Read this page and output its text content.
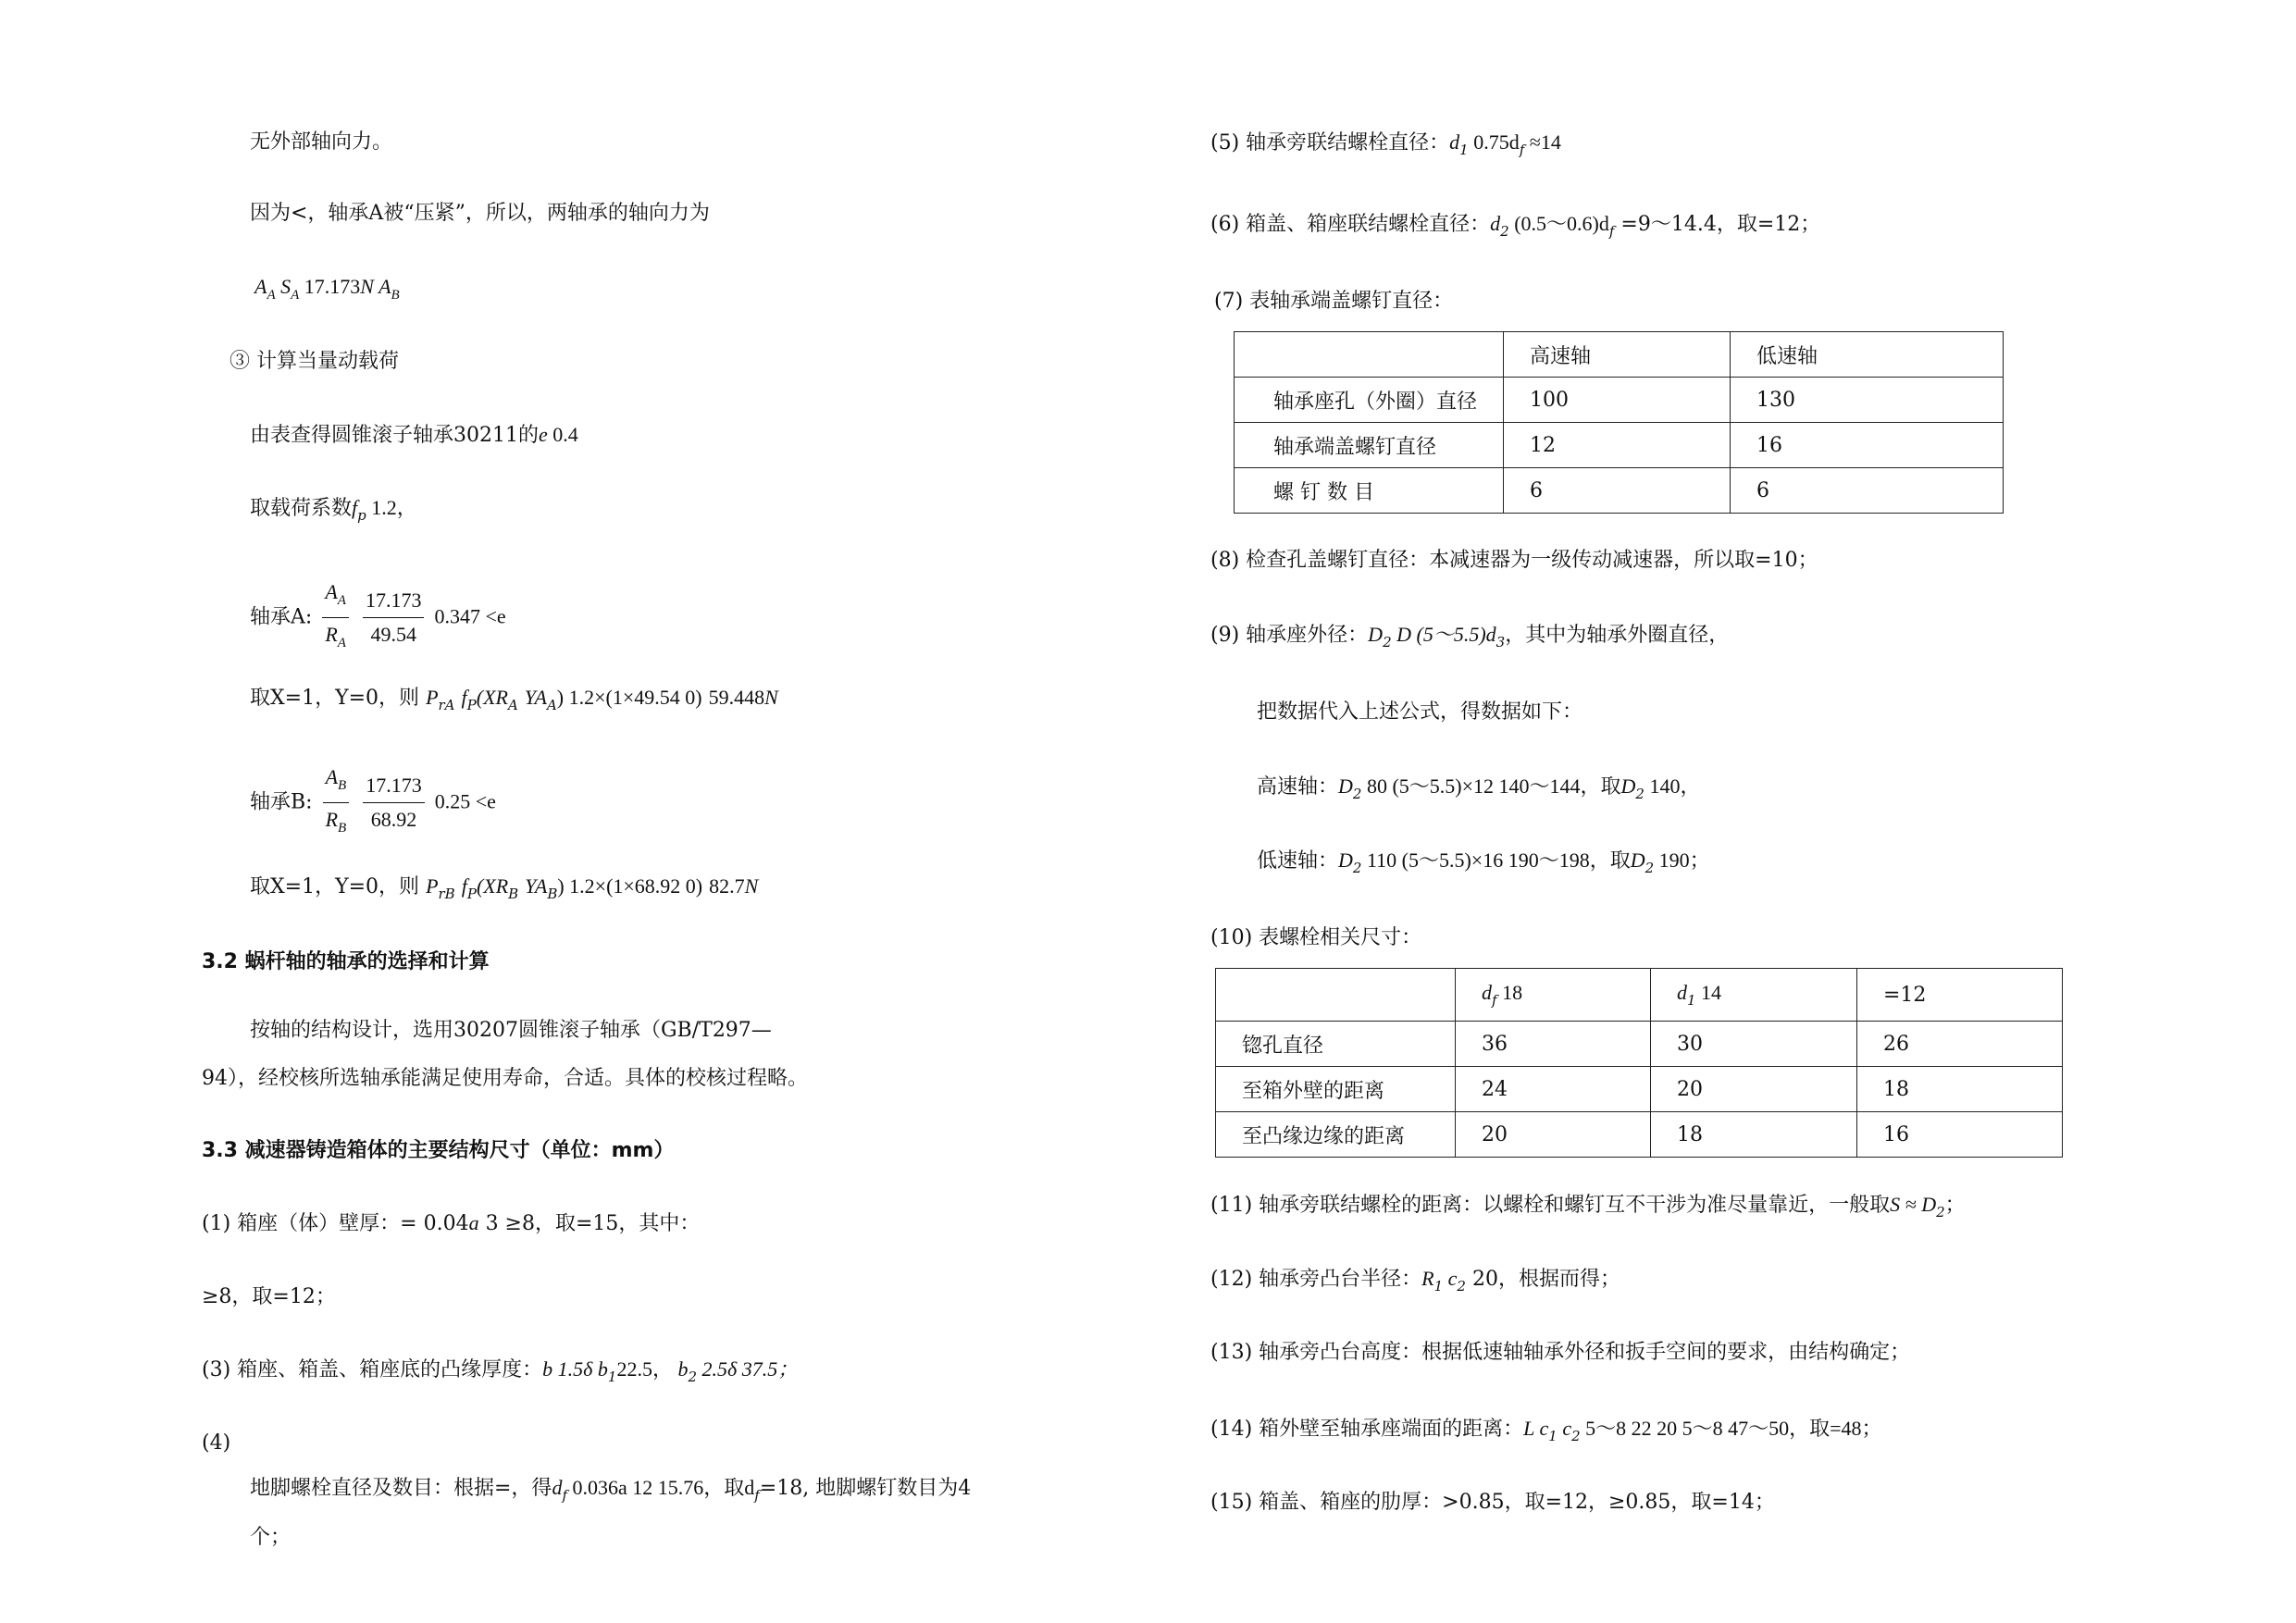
无外部轴向力。
因为<，轴承A被“压紧”，所以，两轴承的轴向力为
$A_A$ $S_A$ 17.173N $A_B$
③ 计算当量动载荷
由表查得圆锥滚子轴承30211的e 0.4
取载荷系数$f_p$ 1.2，
轴承A: $\frac{A_A}{R_A}$
$\frac{17.173}{49.54} 0.347 <e$
取X=1，Y=0，则 $P_{rA}$ $f_P(XR_A$ $YA_A$) 1.2×(1×49.54 0) 59.448N
轴承B: $\frac{A_B}{R_B}$
$\frac{17.173}{68.92} 0.25 <e$
取X=1，Y=0，则 $P_{rB}$ $f_P(XR_B$ $YA_B$) 1.2×(1×68.92 0) 82.7N
3.2 蜗杆轴的轴承的选择和计算
按轴的结构设计，选用30207圆锥滚子轴承（GB/T297—
94），经校核所选轴承能满足使用寿命，合适。具体的校核过程略。
3.3 减速器铸造箱体的主要结构尺寸（单位：mm）
(1) 箱座（体）壁厚：= 0.04a 3 ≥8，取=15，其中：
≥8，取=12；
(3) 箱座、箱盖、箱座底的凸缘厚度：b 1.5δ $b_122.5$， $b_2$ 2.5δ 37.5；
(4)
地脚螺栓直径及数目：根据=，得$d_f$ 0.036a 12 15.76，取$d_f=18$, 地脚螺钉数目为4
个；
(5) 轴承旁联结螺栓直径：$d_1$ $0.75d_f \approx 14$
(6) 箱盖、箱座联结螺栓直径：$d_2$ $(0.5\sim 0.6)d_f$ =9～14.4，取=12；
(7) 表轴承端盖螺钉直径：
	高速轴	低速轴
轴承座孔（外圈）直径	100	130
轴承端盖螺钉直径	12	16
螺 钉 数 目	6	6
(8) 检查孔盖螺钉直径：本减速器为一级传动减速器，所以取=10；
(9) 轴承座外径：$D_2$ D $(5\sim 5.5)d_3$，其中为轴承外圈直径，
把数据代入上述公式，得数据如下：
高速轴：$D_2$ 80 (5～5.5)×12 140～144，取$D_2$ 140，
低速轴：$D_2$ 110 (5～5.5)×16 190～198，取$D_2$ 190；
(10) 表螺栓相关尺寸：
	$d_f$ 18	$d_1$ 14	=12
锪孔直径	36	30	26
至箱外壁的距离	24	20	18
至凸缘边缘的距离	20	18	16
(11) 轴承旁联结螺栓的距离：以螺栓和螺钉互不干涉为准尽量靠近，一般取$S \approx D_2$；
(12) 轴承旁凸台半径：$R_1$ $c_2$ 20，根据而得；
(13) 轴承旁凸台高度：根据低速轴轴承外径和扳手空间的要求，由结构确定；
(14) 箱外壁至轴承座端面的距离：L $c_1$ $c_2$ 5～8 22 20 5～8 47～50，取=48；
(15) 箱盖、箱座的肋厚：>0.85，取=12，≥0.85，取=14；
